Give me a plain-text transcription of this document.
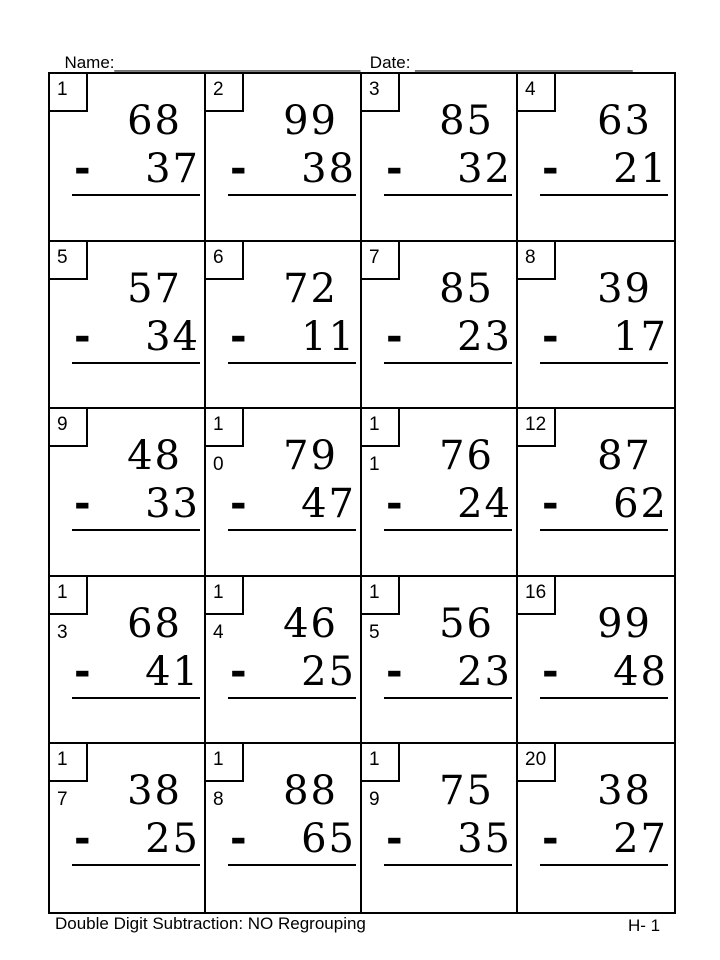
Name:__________________________ Date: _______________________

1
68
- 37
2
99
- 38
3
85
- 32
4
63
- 21
5
57
- 34
6
72
- 11
7
85
- 23
8
39
- 17
9
48
- 33
1
0 79
- 47
1
1 76
- 24
12
87
- 62
1
3 68
- 41
1
4 46
- 25
1
5 56
- 23
16
99
- 48
1
7 38
- 25
1
8 88
- 65
1
9 75
- 35
20
38
- 27
Double Digit Subtraction: NO Regrouping	H- 1
